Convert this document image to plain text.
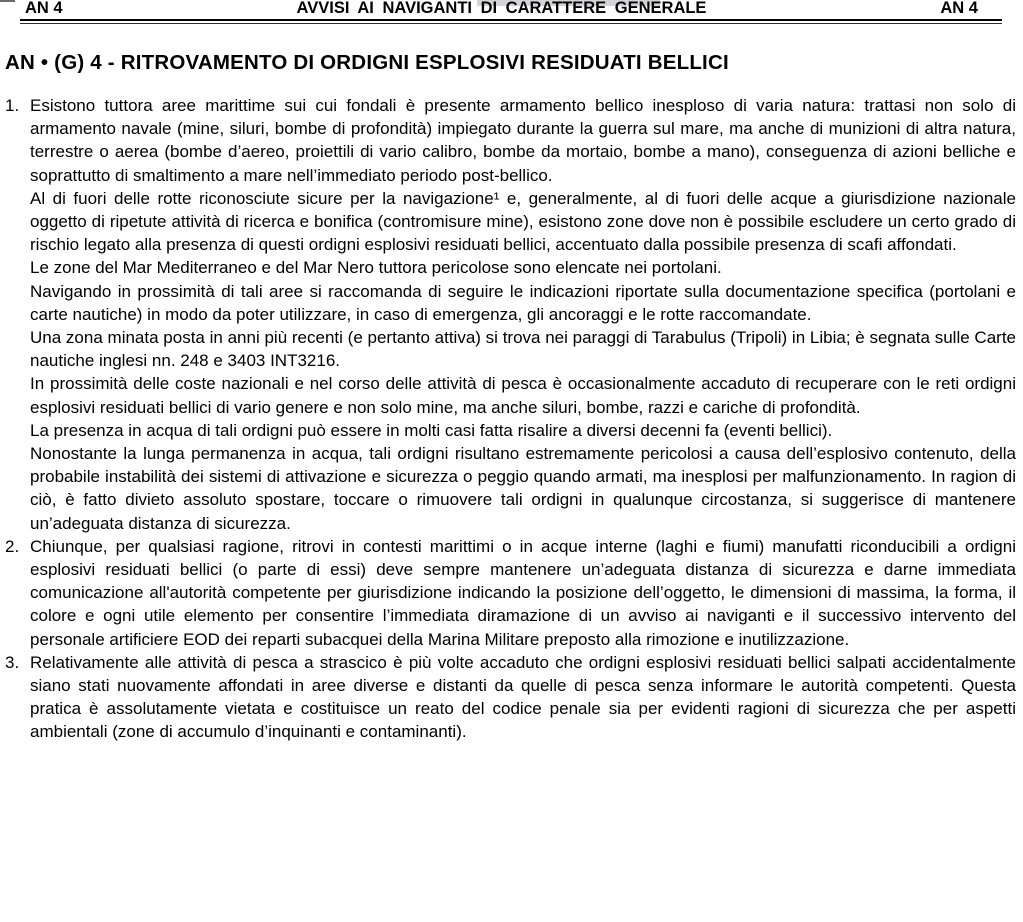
AN 4	AVVISI AI NAVIGANTI DI CARATTERE GENERALE	AN 4
AN • (G) 4 - RITROVAMENTO DI ORDIGNI ESPLOSIVI RESIDUATI BELLICI
1. Esistono tuttora aree marittime sui cui fondali è presente armamento bellico inesploso di varia natura: trattasi non solo di armamento navale (mine, siluri, bombe di profondità) impiegato durante la guerra sul mare, ma anche di munizioni di altra natura, terrestre o aerea (bombe d’aereo, proiettili di vario calibro, bombe da mortaio, bombe a mano), conseguenza di azioni belliche e soprattutto di smaltimento a mare nell’immediato periodo post-bellico.

Al di fuori delle rotte riconosciute sicure per la navigazione¹ e, generalmente, al di fuori delle acque a giurisdizione nazionale oggetto di ripetute attività di ricerca e bonifica (contromisure mine), esistono zone dove non è possibile escludere un certo grado di rischio legato alla presenza di questi ordigni esplosivi residuati bellici, accentuato dalla possibile presenza di scafi affondati.

Le zone del Mar Mediterraneo e del Mar Nero tuttora pericolose sono elencate nei portolani.

Navigando in prossimità di tali aree si raccomanda di seguire le indicazioni riportate sulla documentazione specifica (portolani e carte nautiche) in modo da poter utilizzare, in caso di emergenza, gli ancoraggi e le rotte raccomandate.

Una zona minata posta in anni più recenti (e pertanto attiva) si trova nei paraggi di Tarabulus (Tripoli) in Libia; è segnata sulle Carte nautiche inglesi nn. 248 e 3403 INT3216.

In prossimità delle coste nazionali e nel corso delle attività di pesca è occasionalmente accaduto di recuperare con le reti ordigni esplosivi residuati bellici di vario genere e non solo mine, ma anche siluri, bombe, razzi e cariche di profondità.

La presenza in acqua di tali ordigni può essere in molti casi fatta risalire a diversi decenni fa (eventi bellici).

Nonostante la lunga permanenza in acqua, tali ordigni risultano estremamente pericolosi a causa dell’esplosivo contenuto, della probabile instabilità dei sistemi di attivazione e sicurezza o peggio quando armati, ma inesplosi per malfunzionamento. In ragion di ciò, è fatto divieto assoluto spostare, toccare o rimuovere tali ordigni in qualunque circostanza, si suggerisce di mantenere un’adeguata distanza di sicurezza.

2. Chiunque, per qualsiasi ragione, ritrovi in contesti marittimi o in acque interne (laghi e fiumi) manufatti riconducibili a ordigni esplosivi residuati bellici (o parte di essi) deve sempre mantenere un’adeguata distanza di sicurezza e darne immediata comunicazione all'autorità competente per giurisdizione indicando la posizione dell’oggetto, le dimensioni di massima, la forma, il colore e ogni utile elemento per consentire l’immediata diramazione di un avviso ai naviganti e il successivo intervento del personale artificiere EOD dei reparti subacquei della Marina Militare preposto alla rimozione e inutilizzazione.

3. Relativamente alle attività di pesca a strascico è più volte accaduto che ordigni esplosivi residuati bellici salpati accidentalmente siano stati nuovamente affondati in aree diverse e distanti da quelle di pesca senza informare le autorità competenti. Questa pratica è assolutamente vietata e costituisce un reato del codice penale sia per evidenti ragioni di sicurezza che per aspetti ambientali (zone di accumulo d’inquinanti e contaminanti).
